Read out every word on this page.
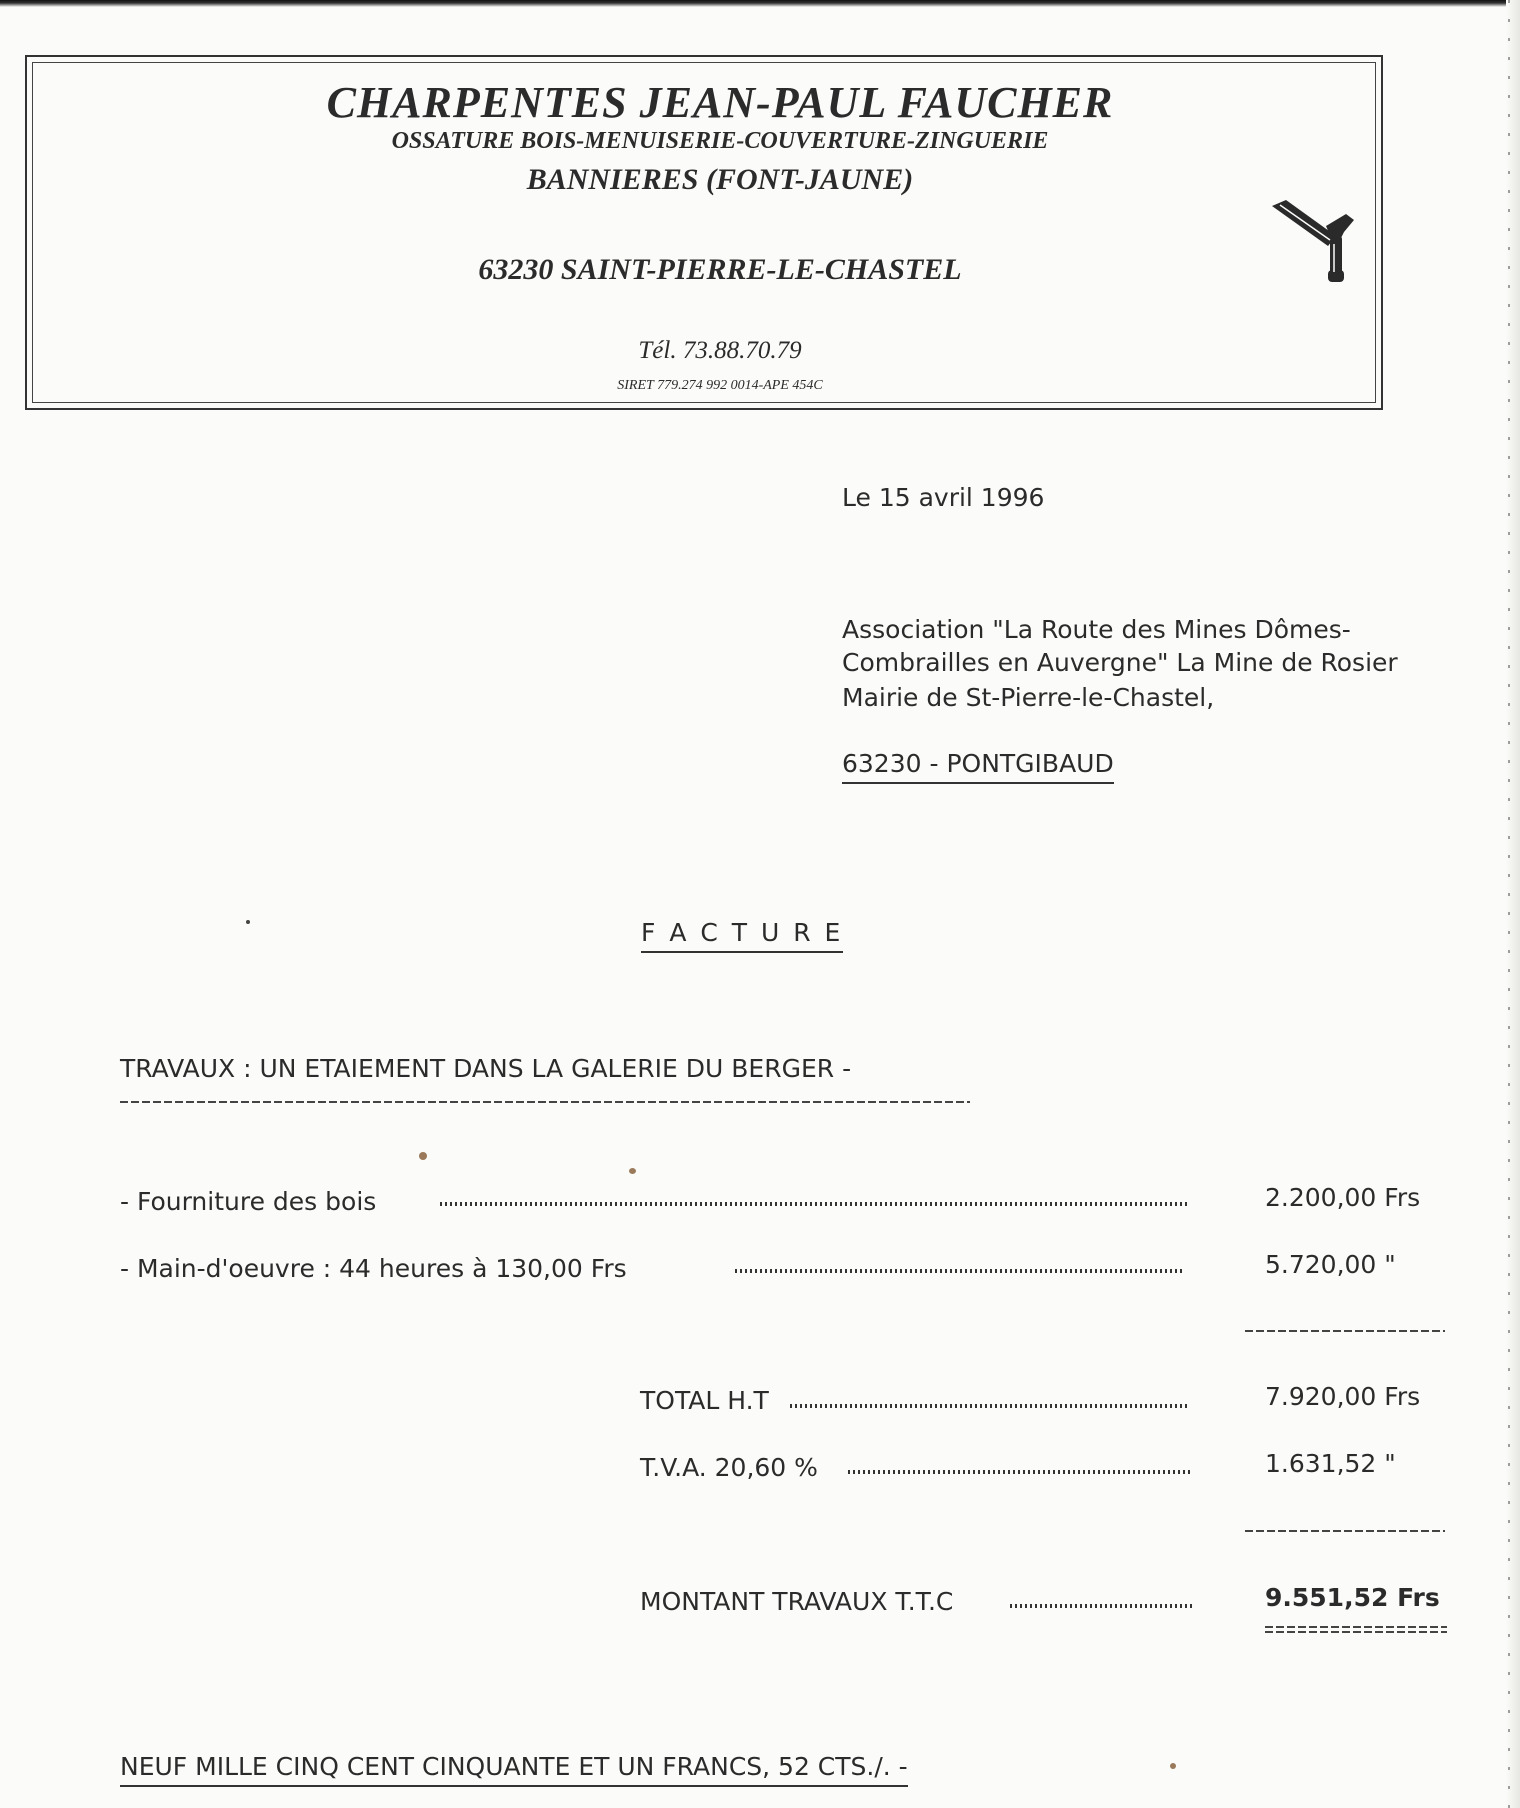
CHARPENTES JEAN-PAUL FAUCHER
OSSATURE BOIS-MENUISERIE-COUVERTURE-ZINGUERIE
BANNIERES (FONT-JAUNE)
63230 SAINT-PIERRE-LE-CHASTEL
Tél. 73.88.70.79
SIRET 779.274 992 0014-APE 454C
Le 15 avril 1996
Association "La Route des Mines Dômes-
Combrailles en Auvergne" La Mine de Rosier
Mairie de St-Pierre-le-Chastel,
63230 - PONTGIBAUD
F A C T U R E
TRAVAUX : UN ETAIEMENT DANS LA GALERIE DU BERGER -
- Fourniture des bois	2.200,00 Frs
- Main-d'oeuvre : 44 heures à 130,00 Frs	5.720,00 "
TOTAL H.T	7.920,00 Frs
T.V.A. 20,60 %	1.631,52 "
MONTANT TRAVAUX T.T.C	9.551,52 Frs
NEUF MILLE CINQ CENT CINQUANTE ET UN FRANCS, 52 CTS./. -
